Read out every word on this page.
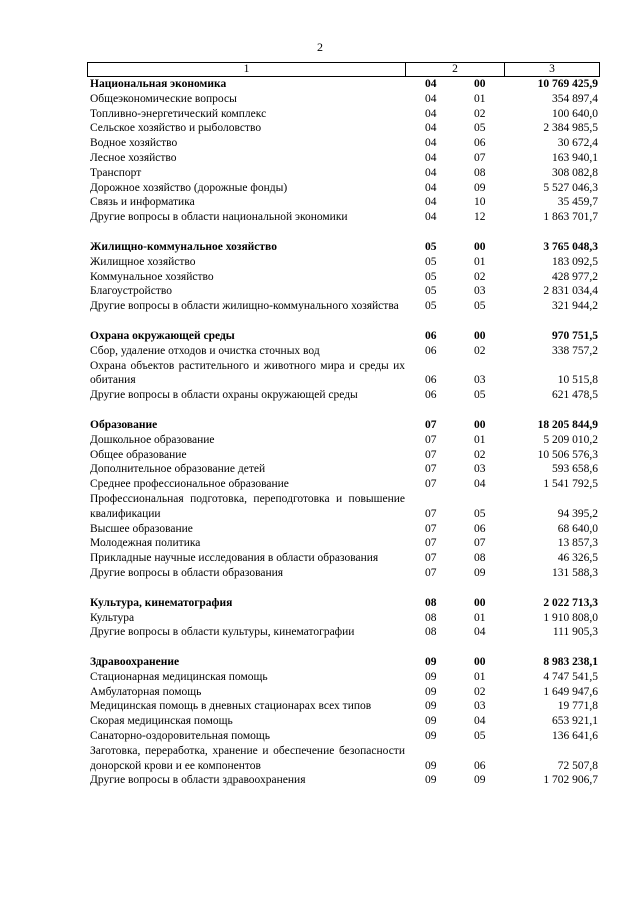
2
1	2	3
Национальная экономика	04	00	10 769 425,9
Общеэкономические вопросы	04	01	354 897,4
Топливно-энергетический комплекс	04	02	100 640,0
Сельское хозяйство и рыболовство	04	05	2 384 985,5
Водное хозяйство	04	06	30 672,4
Лесное хозяйство	04	07	163 940,1
Транспорт	04	08	308 082,8
Дорожное хозяйство (дорожные фонды)	04	09	5 527 046,3
Связь и информатика	04	10	35 459,7
Другие вопросы в области национальной экономики	04	12	1 863 701,7
Жилищно-коммунальное хозяйство	05	00	3 765 048,3
Жилищное хозяйство	05	01	183 092,5
Коммунальное хозяйство	05	02	428 977,2
Благоустройство	05	03	2 831 034,4
Другие вопросы в области жилищно-коммунального хозяйства	05	05	321 944,2
Охрана окружающей среды	06	00	970 751,5
Сбор, удаление отходов и очистка сточных вод	06	02	338 757,2
Охрана объектов растительного и животного мира и среды их обитания	06	03	10 515,8
Другие вопросы в области охраны окружающей среды	06	05	621 478,5
Образование	07	00	18 205 844,9
Дошкольное образование	07	01	5 209 010,2
Общее образование	07	02	10 506 576,3
Дополнительное образование детей	07	03	593 658,6
Среднее профессиональное образование	07	04	1 541 792,5
Профессиональная подготовка, переподготовка и повышение квалификации	07	05	94 395,2
Высшее образование	07	06	68 640,0
Молодежная политика	07	07	13 857,3
Прикладные научные исследования в области образования	07	08	46 326,5
Другие вопросы в области образования	07	09	131 588,3
Культура, кинематография	08	00	2 022 713,3
Культура	08	01	1 910 808,0
Другие вопросы в области культуры, кинематографии	08	04	111 905,3
Здравоохранение	09	00	8 983 238,1
Стационарная медицинская помощь	09	01	4 747 541,5
Амбулаторная помощь	09	02	1 649 947,6
Медицинская помощь в дневных стационарах всех типов	09	03	19 771,8
Скорая медицинская помощь	09	04	653 921,1
Санаторно-оздоровительная помощь	09	05	136 641,6
Заготовка, переработка, хранение и обеспечение безопасности донорской крови и ее компонентов	09	06	72 507,8
Другие вопросы в области здравоохранения	09	09	1 702 906,7
